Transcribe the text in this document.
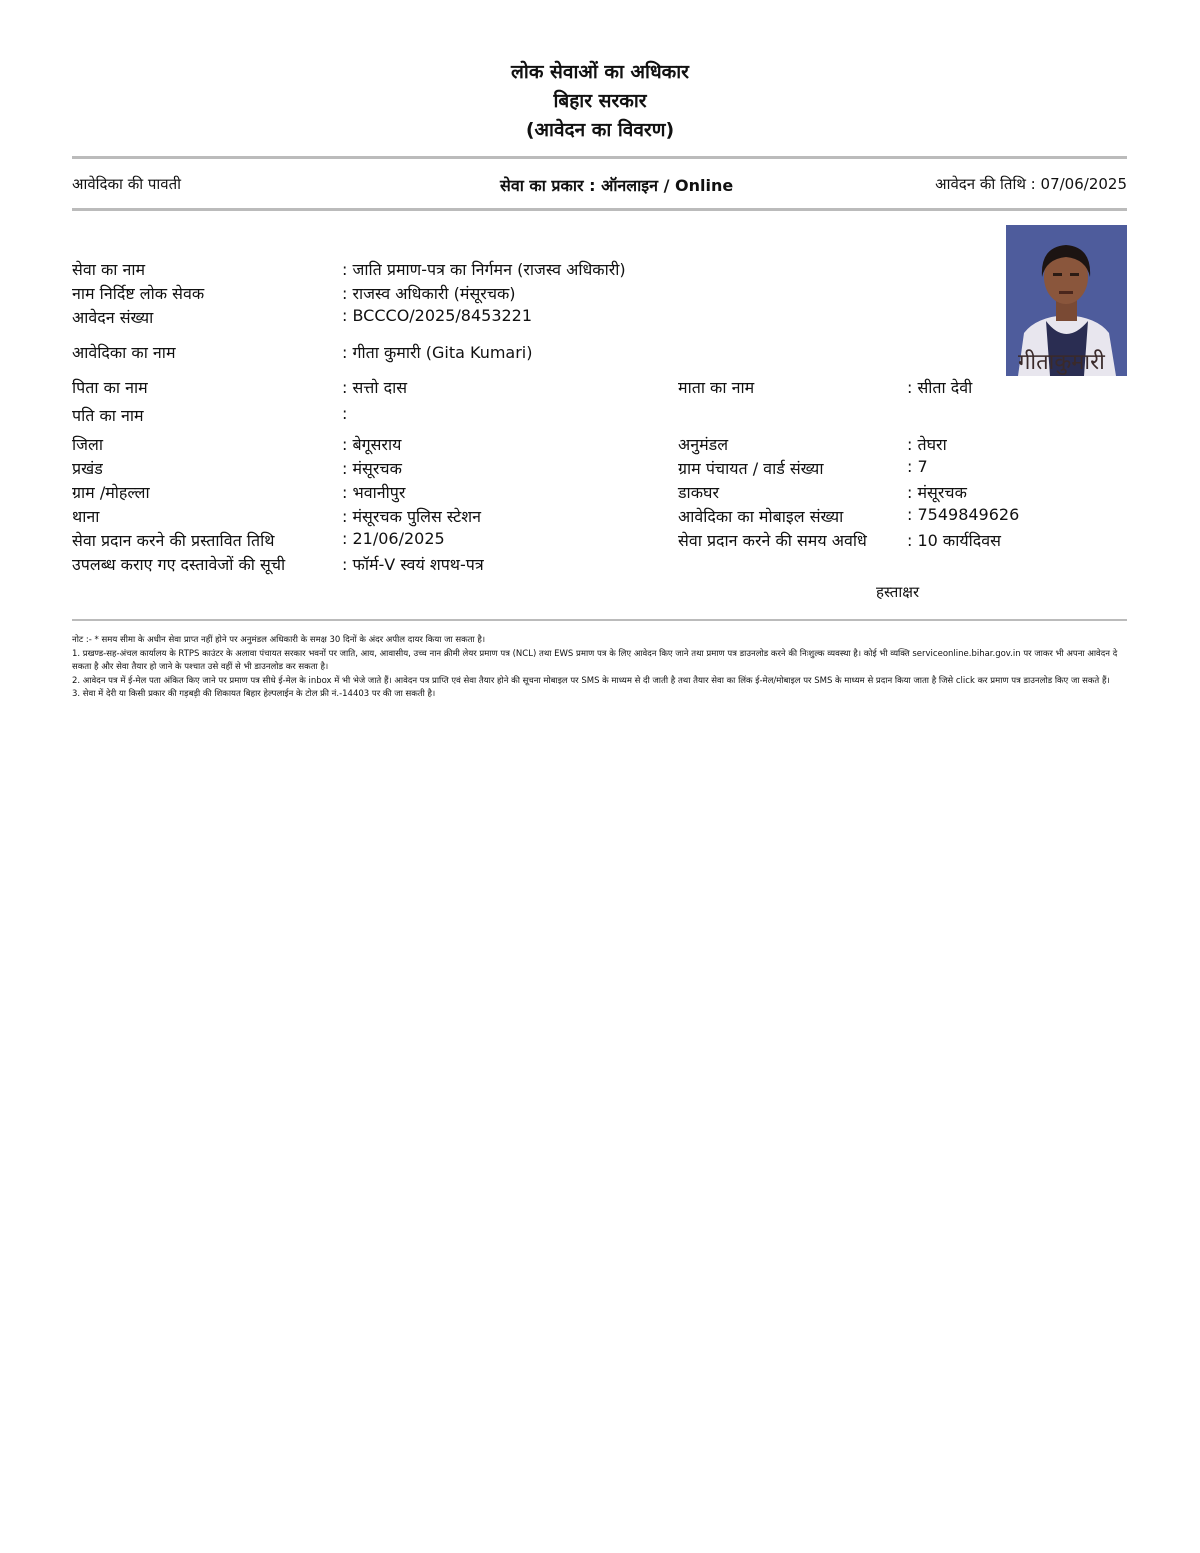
लोक सेवाओं का अधिकार
बिहार सरकार
(आवेदन का विवरण)
आवेदिका की पावती	सेवा का प्रकार : ऑनलाइन / Online	आवेदन की तिथि : 07/06/2025
गीताकुमारी
सेवा का नाम	: जाति प्रमाण-पत्र का निर्गमन (राजस्व अधिकारी)
नाम निर्दिष्ट लोक सेवक	: राजस्व अधिकारी (मंसूरचक)
आवेदन संख्या	: BCCCO/2025/8453221
आवेदिका का नाम	: गीता कुमारी (Gita Kumari)
पिता का नाम	: सत्तो दास	माता का नाम	: सीता देवी
पति का नाम	:
जिला	: बेगूसराय	अनुमंडल	: तेघरा
प्रखंड	: मंसूरचक	ग्राम पंचायत / वार्ड संख्या	: 7
ग्राम /मोहल्ला	: भवानीपुर	डाकघर	: मंसूरचक
थाना	: मंसूरचक पुलिस स्टेशन	आवेदिका का मोबाइल संख्या	: 7549849626
सेवा प्रदान करने की प्रस्तावित तिथि	: 21/06/2025	सेवा प्रदान करने की समय अवधि	: 10 कार्यदिवस
उपलब्ध कराए गए दस्तावेजों की सूची	: फॉर्म-V स्वयं शपथ-पत्र
हस्ताक्षर

नोट :- * समय सीमा के अधीन सेवा प्राप्त नहीं होने पर अनुमंडल अधिकारी के समक्ष 30 दिनों के अंदर अपील दायर किया जा सकता है।

1. प्रखण्ड-सह-अंचल कार्यालय के RTPS काउंटर के अलावा पंचायत सरकार भवनों पर जाति, आय, आवासीय, उच्च नान क्रीमी लेयर प्रमाण पत्र (NCL) तथा EWS प्रमाण पत्र के लिए आवेदन किए जाने तथा प्रमाण पत्र डाउनलोड करने की निःशुल्क व्यवस्था है। कोई भी व्यक्ति serviceonline.bihar.gov.in पर जाकर भी अपना आवेदन दे सकता है और सेवा तैयार हो जाने के पश्चात उसे वहीं से भी डाउनलोड कर सकता है।

2. आवेदन पत्र में ई-मेल पता अंकित किए जाने पर प्रमाण पत्र सीधे ई-मेल के inbox में भी भेजे जाते हैं। आवेदन पत्र प्राप्ति एवं सेवा तैयार होने की सूचना मोबाइल पर SMS के माध्यम से दी जाती है तथा तैयार सेवा का लिंक ई-मेल/मोबाइल पर SMS के माध्यम से प्रदान किया जाता है जिसे click कर प्रमाण पत्र डाउनलोड किए जा सकते हैं।

3. सेवा में देरी या किसी प्रकार की गड़बड़ी की शिकायत बिहार हेल्पलाईन के टोल फ्री नं.-14403 पर की जा सकती है।
